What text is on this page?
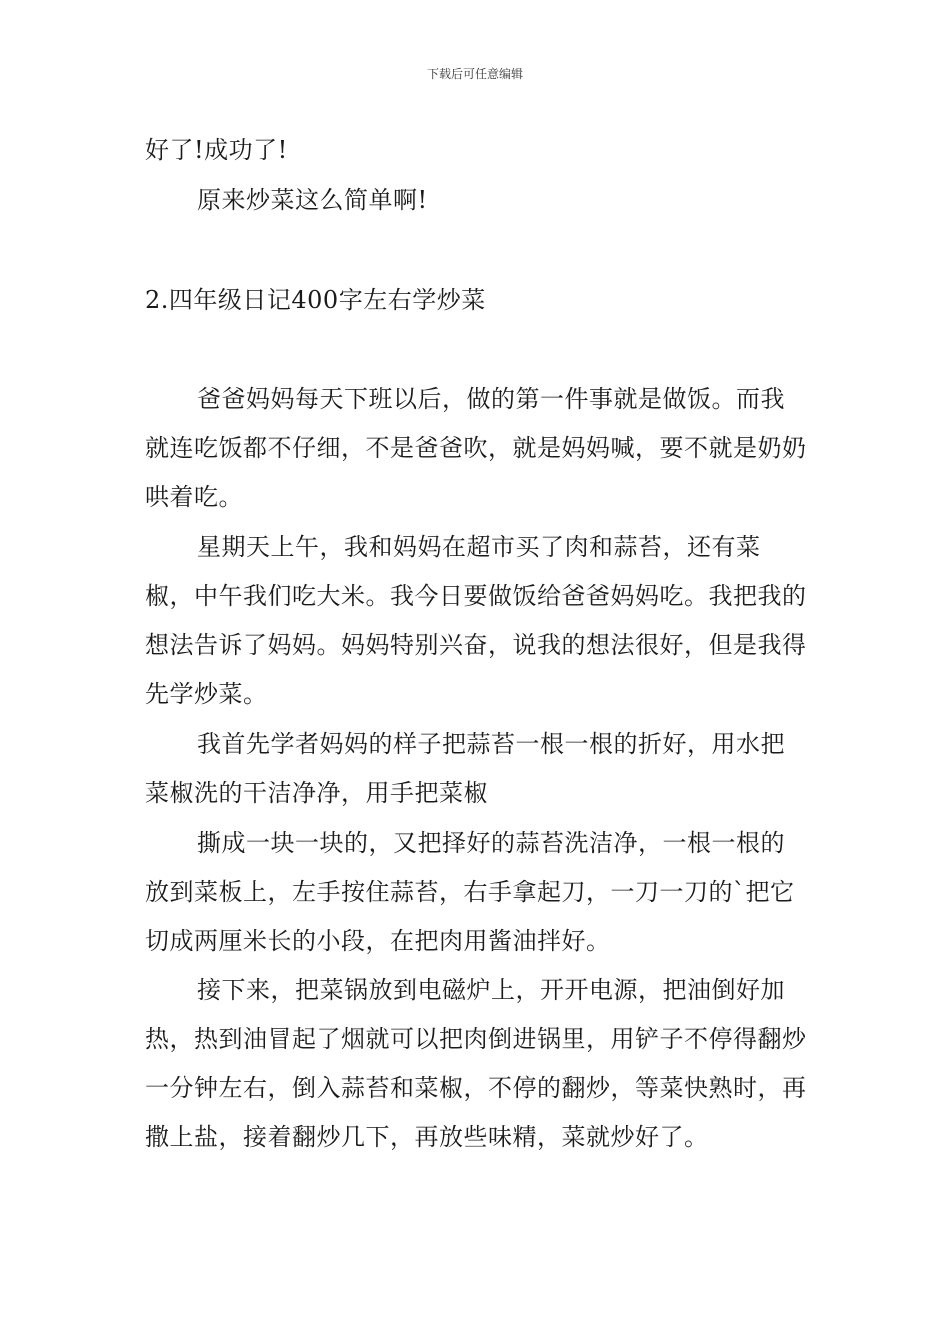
下载后可任意编辑

好了!成功了!

原来炒菜这么简单啊!

2.四年级日记400字左右学炒菜

爸爸妈妈每天下班以后，做的第一件事就是做饭。而我就连吃饭都不仔细，不是爸爸吹，就是妈妈喊，要不就是奶奶哄着吃。

星期天上午，我和妈妈在超市买了肉和蒜苔，还有菜椒，中午我们吃大米。我今日要做饭给爸爸妈妈吃。我把我的想法告诉了妈妈。妈妈特别兴奋，说我的想法很好，但是我得先学炒菜。

我首先学者妈妈的样子把蒜苔一根一根的折好，用水把菜椒洗的干洁净净，用手把菜椒

撕成一块一块的，又把择好的蒜苔洗洁净，一根一根的放到菜板上，左手按住蒜苔，右手拿起刀，一刀一刀的`把它切成两厘米长的小段，在把肉用酱油拌好。

接下来，把菜锅放到电磁炉上，开开电源，把油倒好加热，热到油冒起了烟就可以把肉倒进锅里，用铲子不停得翻炒一分钟左右，倒入蒜苔和菜椒，不停的翻炒，等菜快熟时，再撒上盐，接着翻炒几下，再放些味精，菜就炒好了。
